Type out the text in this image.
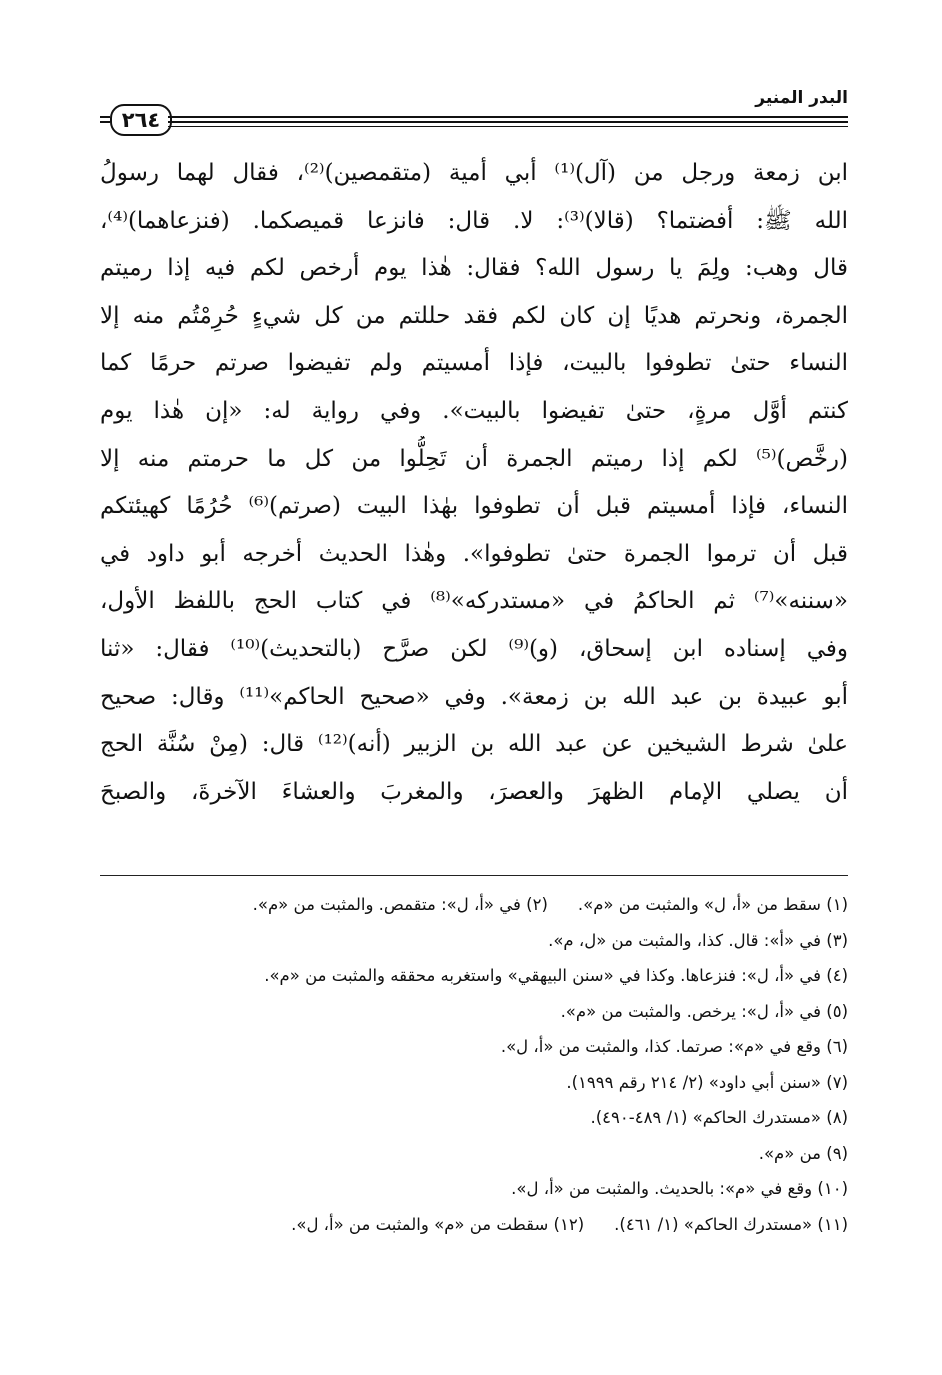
٢٦٤
البدر المنير
ابن زمعة ورجل من (آل)⁽¹⁾ أبي أمية (متقمصين)⁽²⁾، فقال لهما رسولُ
الله ﷺ: أفضتما؟ (قالا)⁽³⁾: لا. قال: فانزعا قميصكما. (فنزعاهما)⁽⁴⁾،
قال وهب: ولِمَ يا رسول الله؟ فقال: هٰذا يوم أرخص لكم فيه إذا رميتم
الجمرة، ونحرتم هديًا إن كان لكم فقد حللتم من كل شيءٍ حُرِمْتُم منه إلا
النساء حتىٰ تطوفوا بالبيت، فإذا أمسيتم ولم تفيضوا صرتم حرمًا كما
كنتم أوَّل مرةٍ، حتىٰ تفيضوا بالبيت». وفي رواية له: «إن هٰذا يوم
(رخَّص)⁽⁵⁾ لكم إذا رميتم الجمرة أن تَحِلُّوا من كل ما حرمتم منه إلا
النساء، فإذا أمسيتم قبل أن تطوفوا بهٰذا البيت (صرتم)⁽⁶⁾ حُرُمًا كهيئتكم
قبل أن ترموا الجمرة حتىٰ تطوفوا». وهٰذا الحديث أخرجه أبو داود في
«سننه»⁽⁷⁾ ثم الحاكمُ في «مستدركه»⁽⁸⁾ في كتاب الحج باللفظ الأول،
وفي إسناده ابن إسحاق، (و)⁽⁹⁾ لكن صرَّح (بالتحديث)⁽¹⁰⁾ فقال: «ثنا
أبو عبيدة بن عبد الله بن زمعة». وفي «صحيح الحاكم»⁽¹¹⁾ وقال: صحيح
علىٰ شرط الشيخين عن عبد الله بن الزبير (أنه)⁽¹²⁾ قال: (مِنْ سُنَّة الحج
أن يصلي الإمام الظهرَ والعصرَ، والمغربَ والعشاءَ الآخرةَ، والصبحَ
(١) سقط من «أ، ل» والمثبت من «م».
(٢) في «أ، ل»: متقمص. والمثبت من «م».
(٣) في «أ»: قال. كذا، والمثبت من «ل، م».
(٤) في «أ، ل»: فنزعاها. وكذا في «سنن البيهقي» واستغربه محققه والمثبت من «م».
(٥) في «أ، ل»: يرخص. والمثبت من «م».
(٦) وقع في «م»: صرتما. كذا، والمثبت من «أ، ل».
(٧) «سنن أبي داود» (٢/ ٢١٤ رقم ١٩٩٩).
(٨) «مستدرك الحاكم» (١/ ٤٨٩-٤٩٠).
(٩) من «م».
(١٠) وقع في «م»: بالحديث. والمثبت من «أ، ل».
(١١) «مستدرك الحاكم» (١/ ٤٦١).
(١٢) سقطت من «م» والمثبت من «أ، ل».
